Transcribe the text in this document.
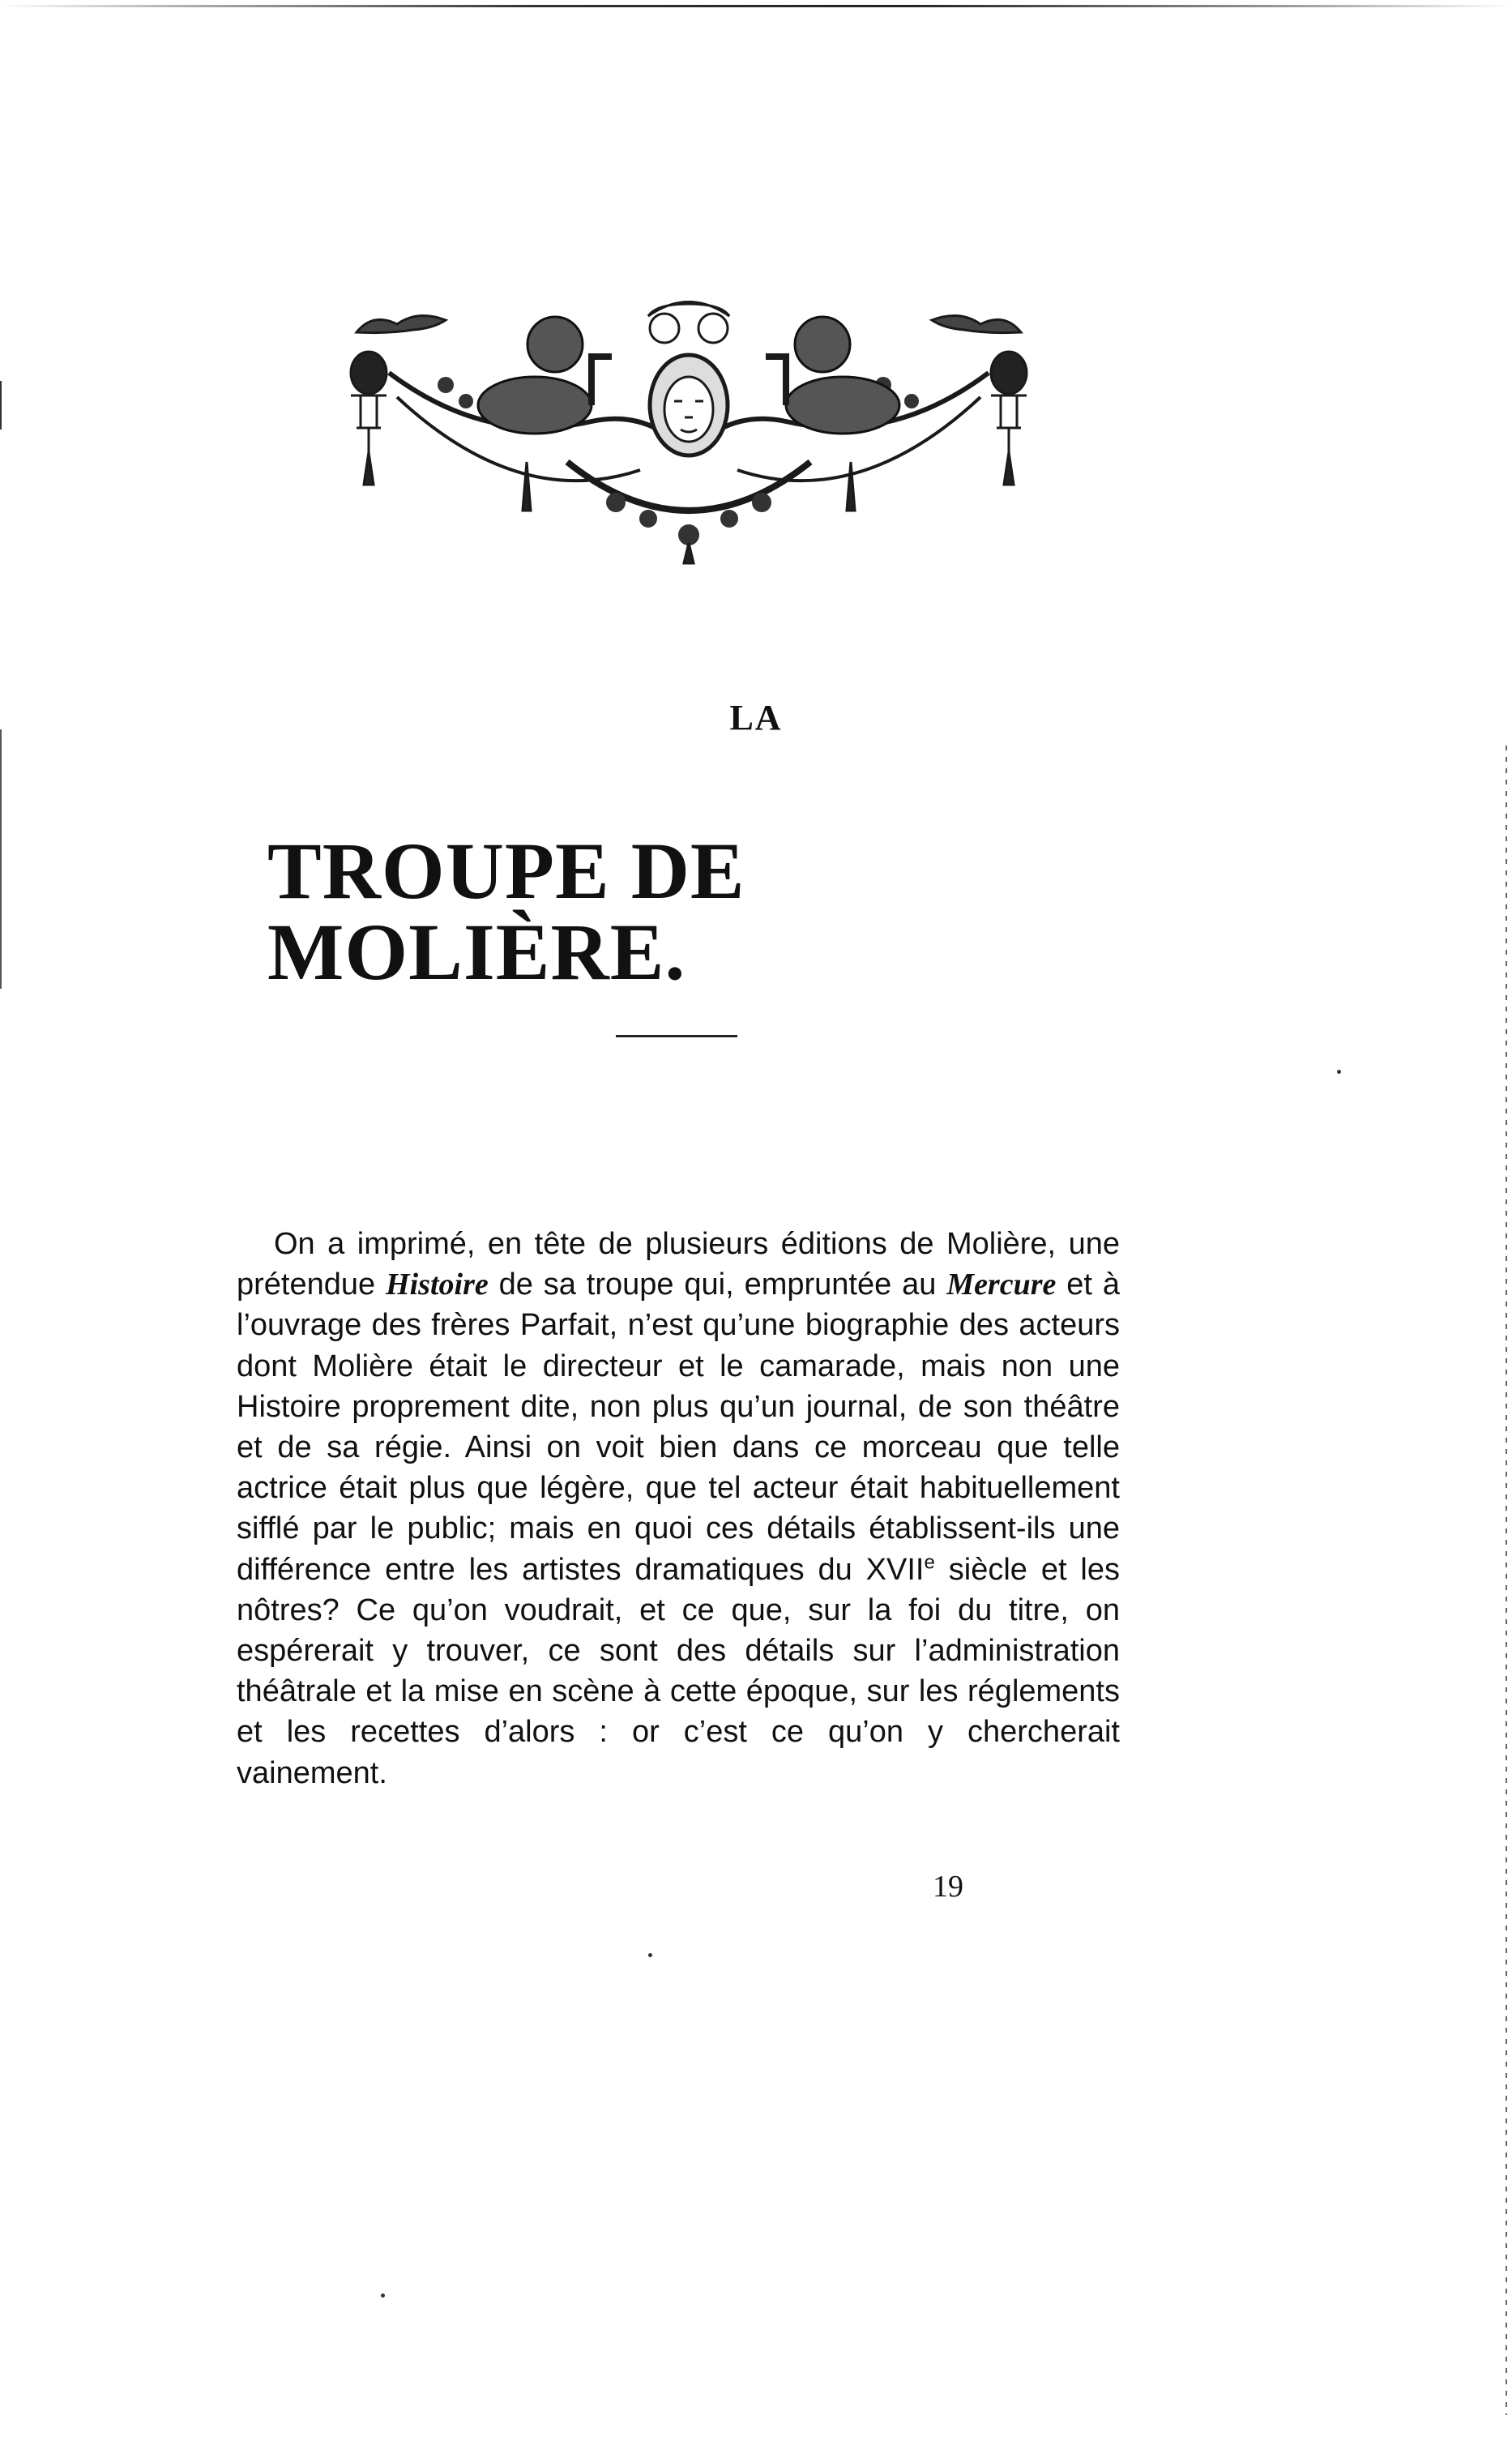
LA
TROUPE DE MOLIÈRE.

On a imprimé, en tête de plusieurs éditions de Molière, une prétendue Histoire de sa troupe qui, empruntée au Mercure et à l’ouvrage des frères Parfait, n’est qu’une biographie des acteurs dont Molière était le directeur et le camarade, mais non une Histoire proprement dite, non plus qu’un journal, de son théâtre et de sa régie. Ainsi on voit bien dans ce morceau que telle actrice était plus que légère, que tel acteur était habituellement sifflé par le public; mais en quoi ces détails établissent-ils une différence entre les artistes dramatiques du XVIIe siècle et les nôtres? Ce qu’on voudrait, et ce que, sur la foi du titre, on espérerait y trouver, ce sont des détails sur l’administration théâtrale et la mise en scène à cette époque, sur les réglements et les recettes d’alors : or c’est ce qu’on y chercherait vainement.

19
